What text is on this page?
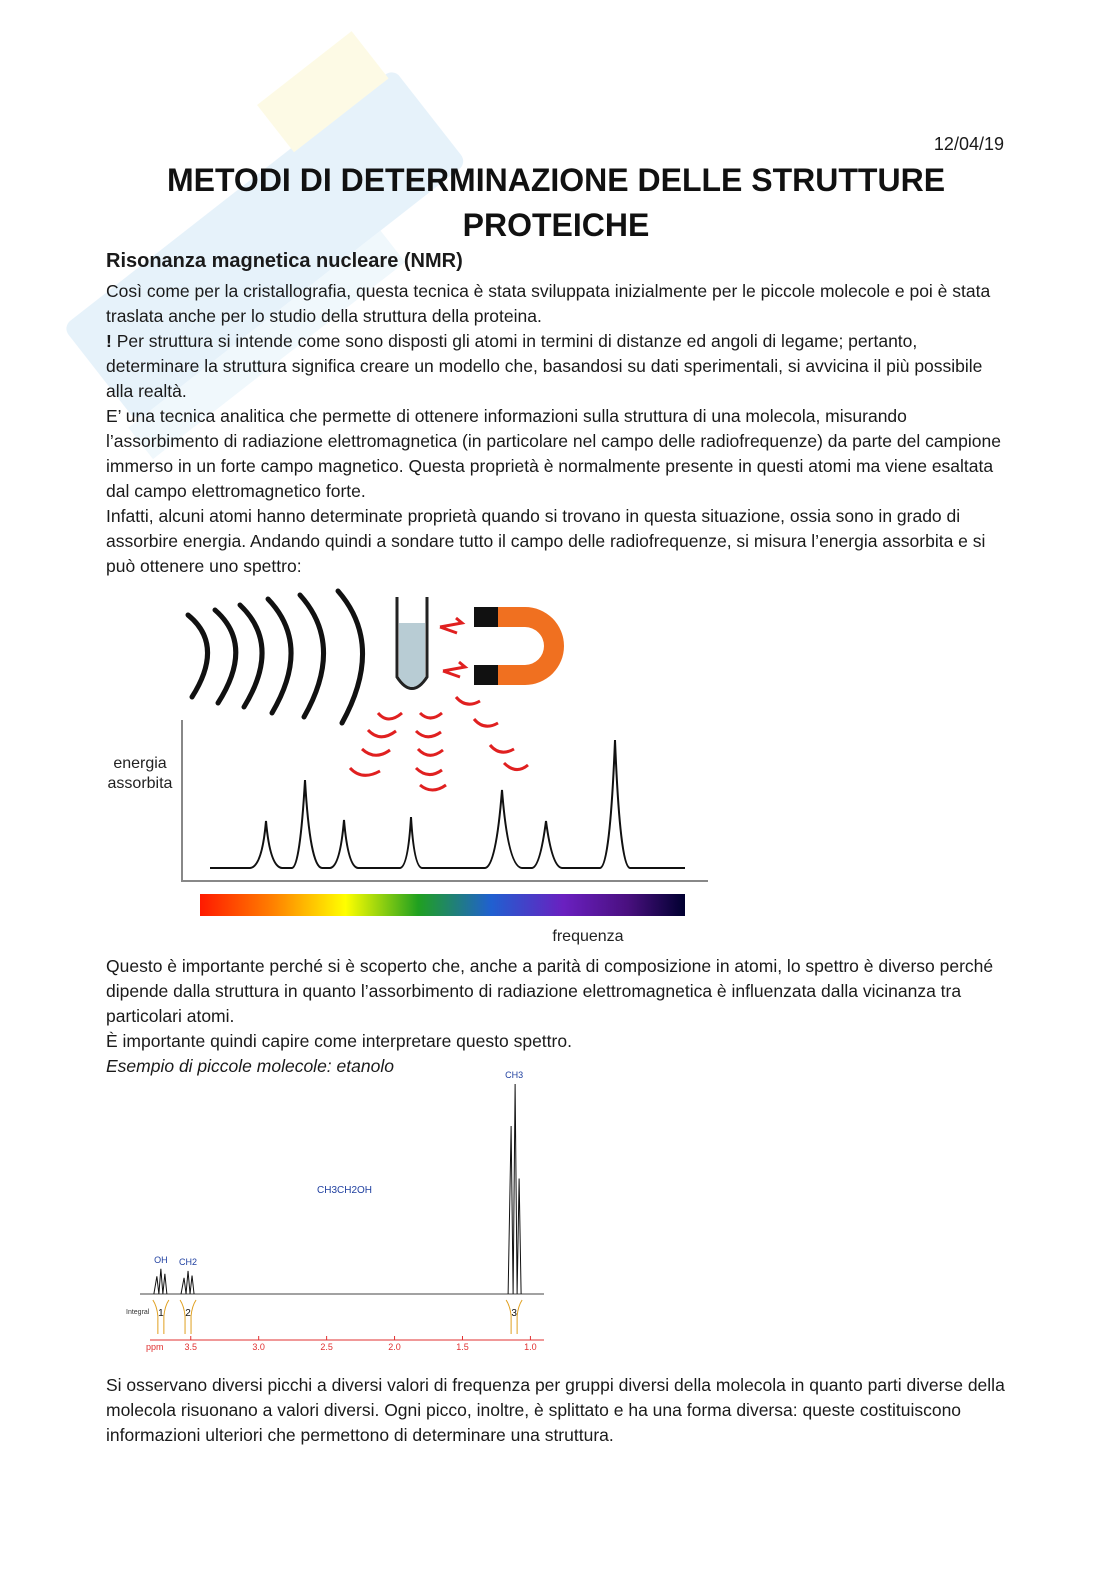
12/04/19
METODI DI DETERMINAZIONE DELLE STRUTTURE
PROTEICHE
Risonanza magnetica nucleare (NMR)

Così come per la cristallografia, questa tecnica è stata sviluppata inizialmente per le piccole molecole e poi è stata traslata anche per lo studio della struttura della proteina.

! Per struttura si intende come sono disposti gli atomi in termini di distanze ed angoli di legame; pertanto, determinare la struttura significa creare un modello che, basandosi su dati sperimentali, si avvicina il più possibile alla realtà.

E’ una tecnica analitica che permette di ottenere informazioni sulla struttura di una molecola, misurando l’assorbimento di radiazione elettromagnetica (in particolare nel campo delle radiofrequenze) da parte del campione immerso in un forte campo magnetico. Questa proprietà è normalmente presente in questi atomi ma viene esaltata dal campo elettromagnetico forte.

Infatti, alcuni atomi hanno determinate proprietà quando si trovano in questa situazione, ossia sono in grado di assorbire energia. Andando quindi a sondare tutto il campo delle radiofrequenze, si misura l’energia assorbita e si può ottenere uno spettro:

energia
assorbita
frequenza

Questo è importante perché si è scoperto che, anche a parità di composizione in atomi, lo spettro è diverso perché dipende dalla struttura in quanto l’assorbimento di radiazione elettromagnetica è influenzata dalla vicinanza tra particolari atomi.

È importante quindi capire come interpretare questo spettro.

Esempio di piccole molecole: etanolo

CH3CH2OH
Integral
ppm 3.5	3.0	2.5	2.0	1.5	1.0
OH CH2
CH3
1 2	3

Si osservano diversi picchi a diversi valori di frequenza per gruppi diversi della molecola in quanto parti diverse della molecola risuonano a valori diversi. Ogni picco, inoltre, è splittato e ha una forma diversa: queste costituiscono informazioni ulteriori che permettono di determinare una struttura.
